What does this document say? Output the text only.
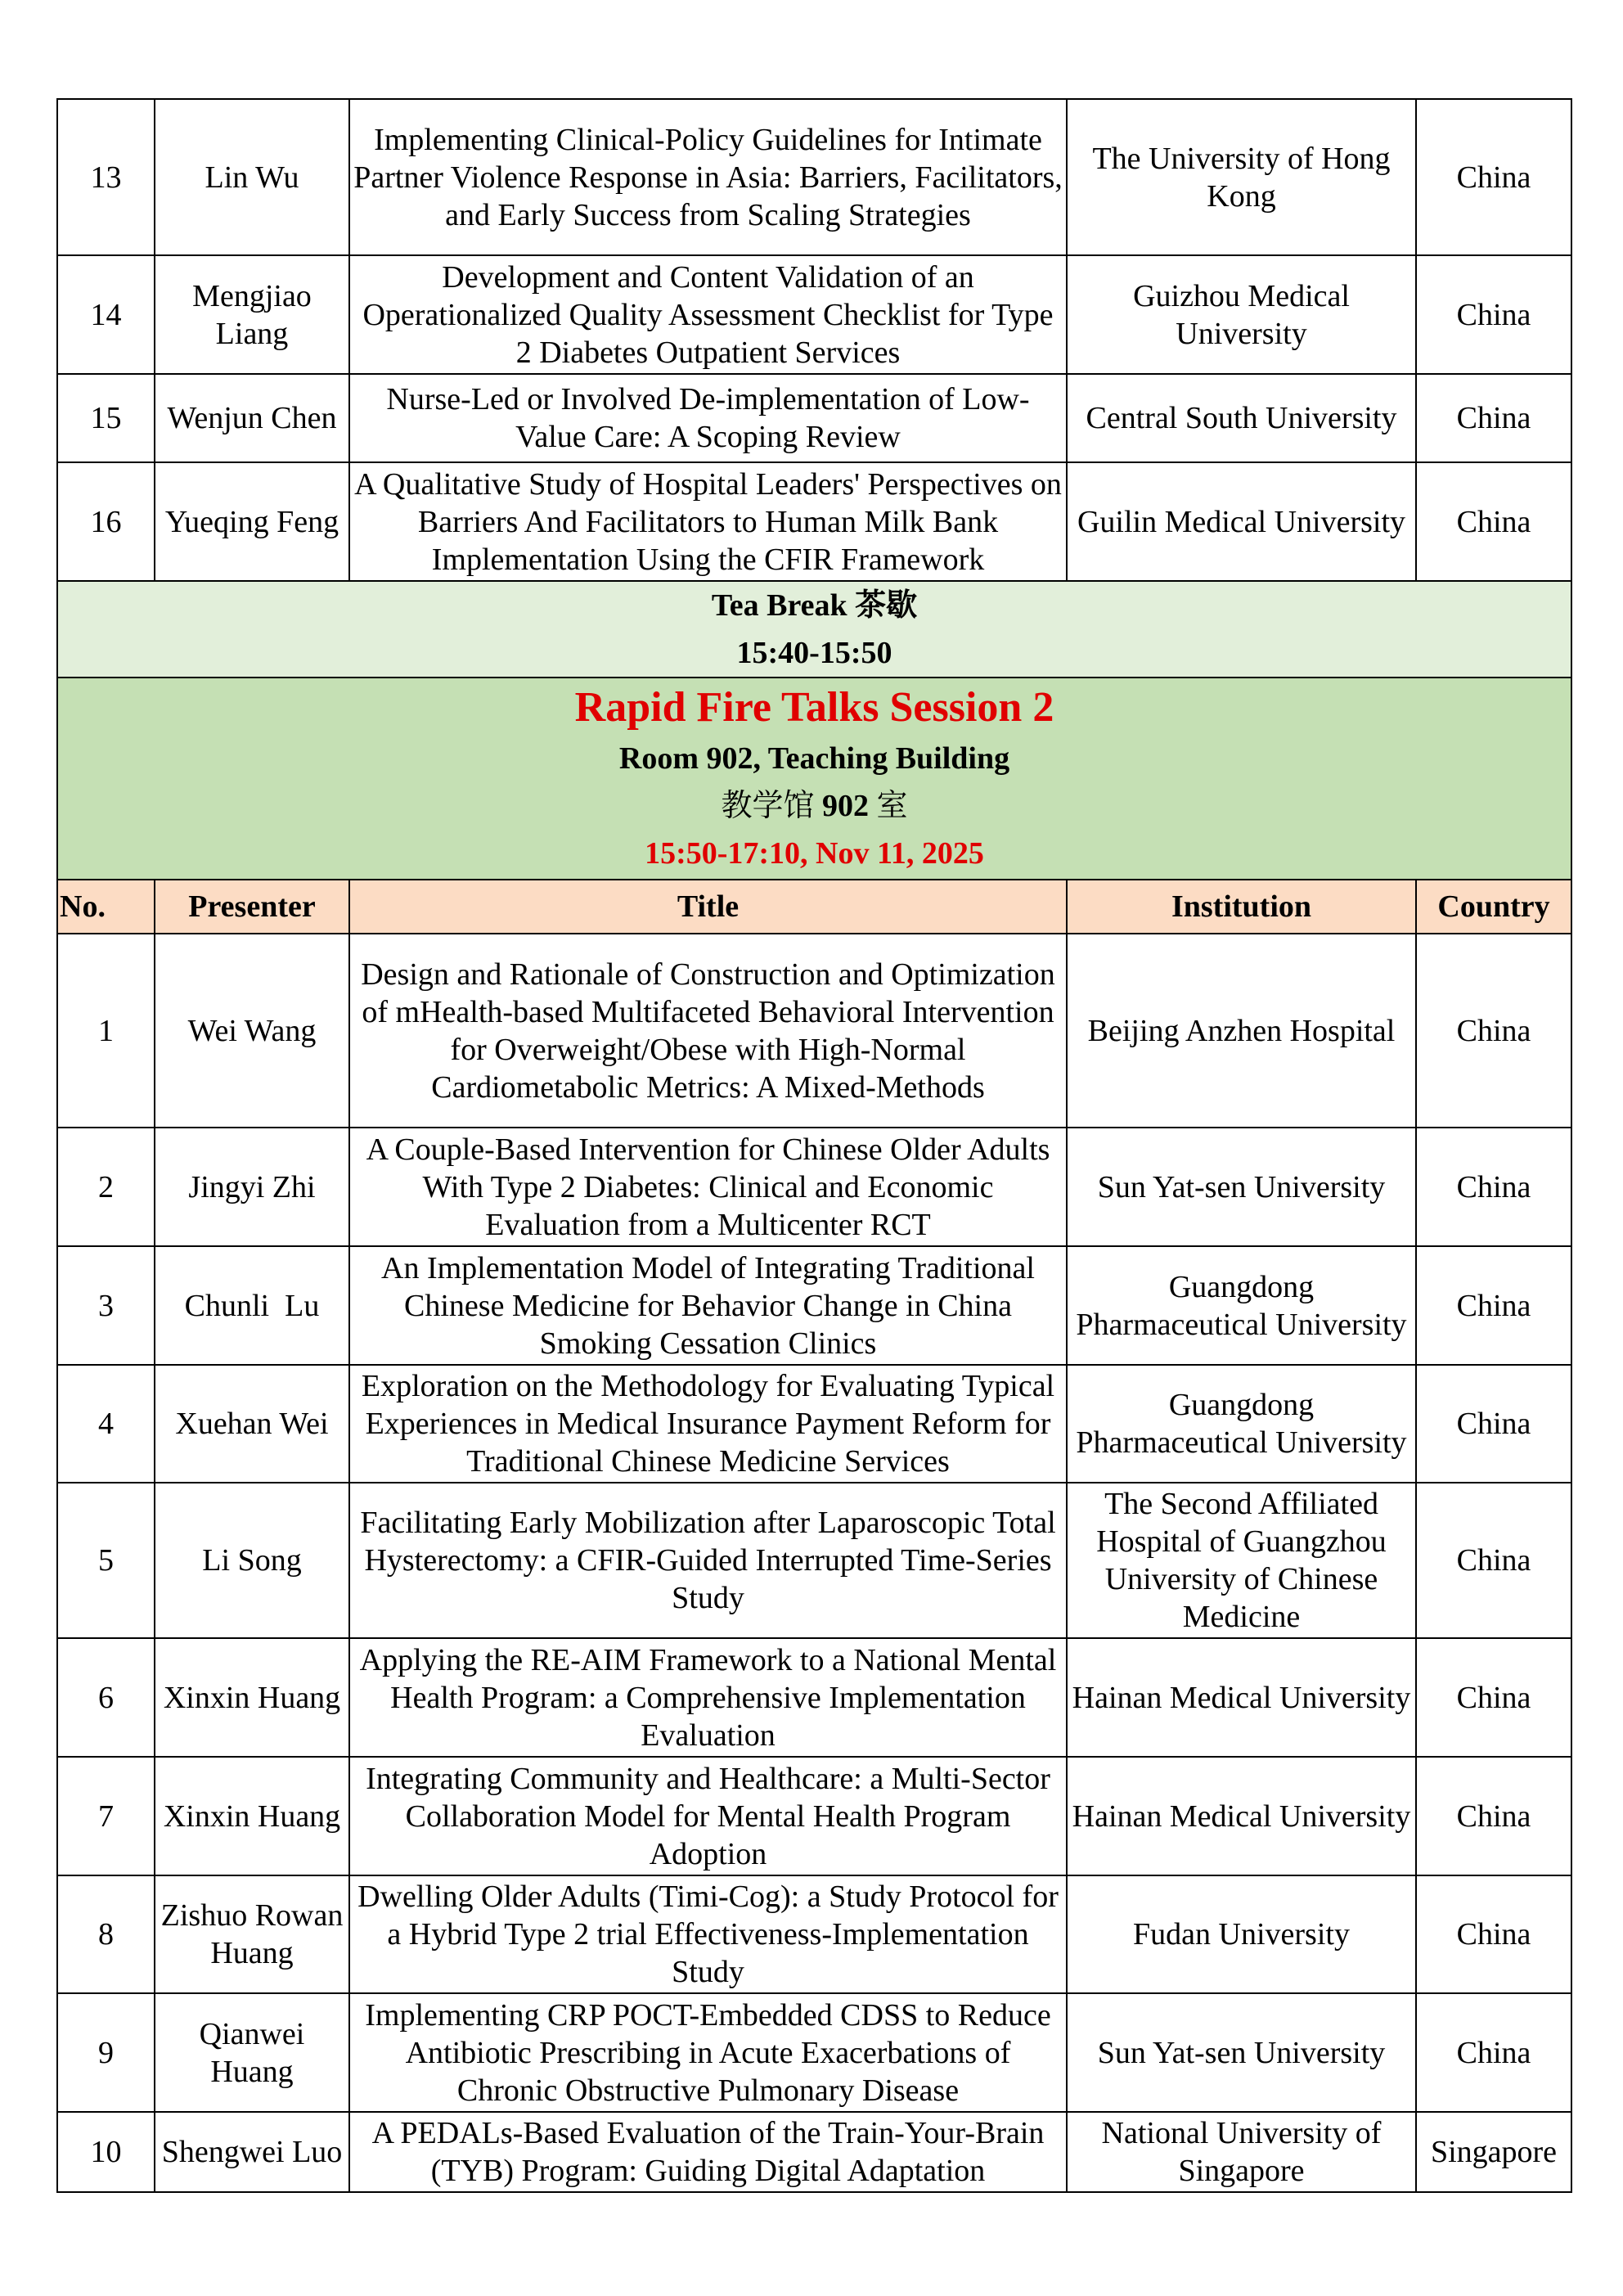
13	Lin Wu	Implementing Clinical-Policy Guidelines for Intimate Partner Violence Response in Asia: Barriers, Facilitators, and Early Success from Scaling Strategies	The University of Hong Kong	China
14	Mengjiao Liang	Development and Content Validation of an Operationalized Quality Assessment Checklist for Type 2 Diabetes Outpatient Services	Guizhou Medical University	China
15	Wenjun Chen	Nurse-Led or Involved De-implementation of Low-Value Care: A Scoping Review	Central South University	China
16	Yueqing Feng	A Qualitative Study of Hospital Leaders' Perspectives on Barriers And Facilitators to Human Milk Bank Implementation Using the CFIR Framework	Guilin Medical University	China

Tea Break 茶歇
15:40-15:50				

Rapid Fire Talks Session 2
Room 902, Teaching Building
教学馆 902 室
15:50-17:10, Nov 11, 2025				

No.	Presenter	Title	Institution	Country
1	Wei Wang	Design and Rationale of Construction and Optimization of mHealth-based Multifaceted Behavioral Intervention for Overweight/Obese with High-Normal Cardiometabolic Metrics: A Mixed-Methods	Beijing Anzhen Hospital	China
2	Jingyi Zhi	A Couple-Based Intervention for Chinese Older Adults With Type 2 Diabetes: Clinical and Economic Evaluation from a Multicenter RCT	Sun Yat-sen University	China
3	Chunli  Lu	An Implementation Model of Integrating Traditional Chinese Medicine for Behavior Change in China Smoking Cessation Clinics	Guangdong Pharmaceutical University	China
4	Xuehan Wei	Exploration on the Methodology for Evaluating Typical Experiences in Medical Insurance Payment Reform for Traditional Chinese Medicine Services	Guangdong Pharmaceutical University	China
5	Li Song	Facilitating Early Mobilization after Laparoscopic Total Hysterectomy: a CFIR-Guided Interrupted Time-Series Study	The Second Affiliated Hospital of Guangzhou University of Chinese Medicine	China
6	Xinxin Huang	Applying the RE-AIM Framework to a National Mental Health Program: a Comprehensive Implementation Evaluation	Hainan Medical University	China
7	Xinxin Huang	Integrating Community and Healthcare: a Multi-Sector Collaboration Model for Mental Health Program Adoption	Hainan Medical University	China
8	Zishuo Rowan Huang	Dwelling Older Adults (Timi-Cog): a Study Protocol for a Hybrid Type 2 trial Effectiveness-Implementation Study	Fudan University	China
9	Qianwei Huang	Implementing CRP POCT-Embedded CDSS to Reduce Antibiotic Prescribing in Acute Exacerbations of Chronic Obstructive Pulmonary Disease	Sun Yat-sen University	China
10	Shengwei Luo	A PEDALs-Based Evaluation of the Train-Your-Brain (TYB) Program: Guiding Digital Adaptation	National University of Singapore	Singapore
